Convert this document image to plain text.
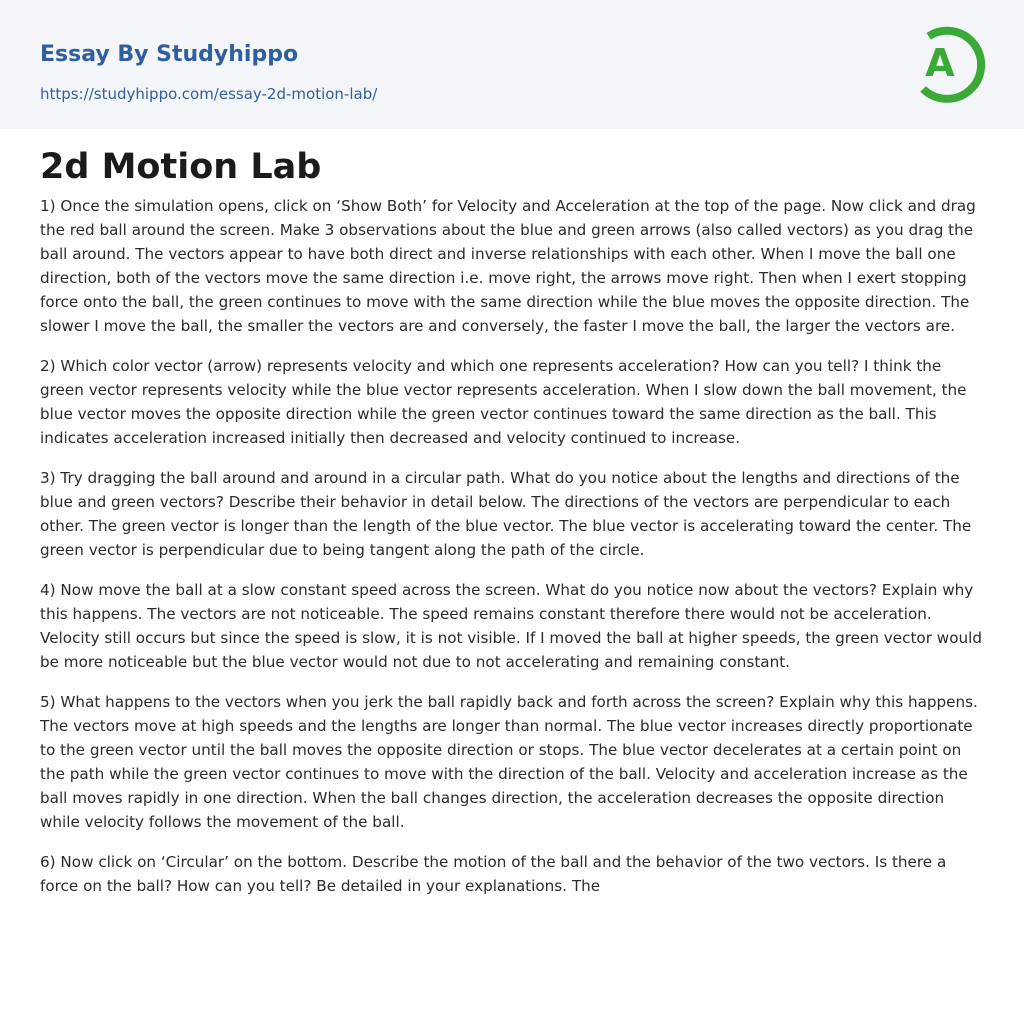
Essay By Studyhippo
https://studyhippo.com/essay-2d-motion-lab/
A
2d Motion Lab

1) Once the simulation opens, click on ‘Show Both’ for Velocity and Acceleration at the top of the page. Now click and drag the red ball around the screen. Make 3 observations about the blue and green arrows (also called vectors) as you drag the ball around. The vectors appear to have both direct and inverse relationships with each other. When I move the ball one direction, both of the vectors move the same direction i.e. move right, the arrows move right. Then when I exert stopping force onto the ball, the green continues to move with the same direction while the blue moves the opposite direction. The slower I move the ball, the smaller the vectors are and conversely, the faster I move the ball, the larger the vectors are.

2) Which color vector (arrow) represents velocity and which one represents acceleration? How can you tell? I think the green vector represents velocity while the blue vector represents acceleration. When I slow down the ball movement, the blue vector moves the opposite direction while the green vector continues toward the same direction as the ball. This indicates acceleration increased initially then decreased and velocity continued to increase.

3) Try dragging the ball around and around in a circular path. What do you notice about the lengths and directions of the blue and green vectors? Describe their behavior in detail below. The directions of the vectors are perpendicular to each other. The green vector is longer than the length of the blue vector. The blue vector is accelerating toward the center. The green vector is perpendicular due to being tangent along the path of the circle.

4) Now move the ball at a slow constant speed across the screen. What do you notice now about the vectors? Explain why this happens. The vectors are not noticeable. The speed remains constant therefore there would not be acceleration. Velocity still occurs but since the speed is slow, it is not visible. If I moved the ball at higher speeds, the green vector would be more noticeable but the blue vector would not due to not accelerating and remaining constant.

5) What happens to the vectors when you jerk the ball rapidly back and forth across the screen? Explain why this happens. The vectors move at high speeds and the lengths are longer than normal. The blue vector increases directly proportionate to the green vector until the ball moves the opposite direction or stops. The blue vector decelerates at a certain point on the path while the green vector continues to move with the direction of the ball. Velocity and acceleration increase as the ball moves rapidly in one direction. When the ball changes direction, the acceleration decreases the opposite direction while velocity follows the movement of the ball.

6) Now click on ‘Circular’ on the bottom. Describe the motion of the ball and the behavior of the two vectors. Is there a force on the ball? How can you tell? Be detailed in your explanations. The
